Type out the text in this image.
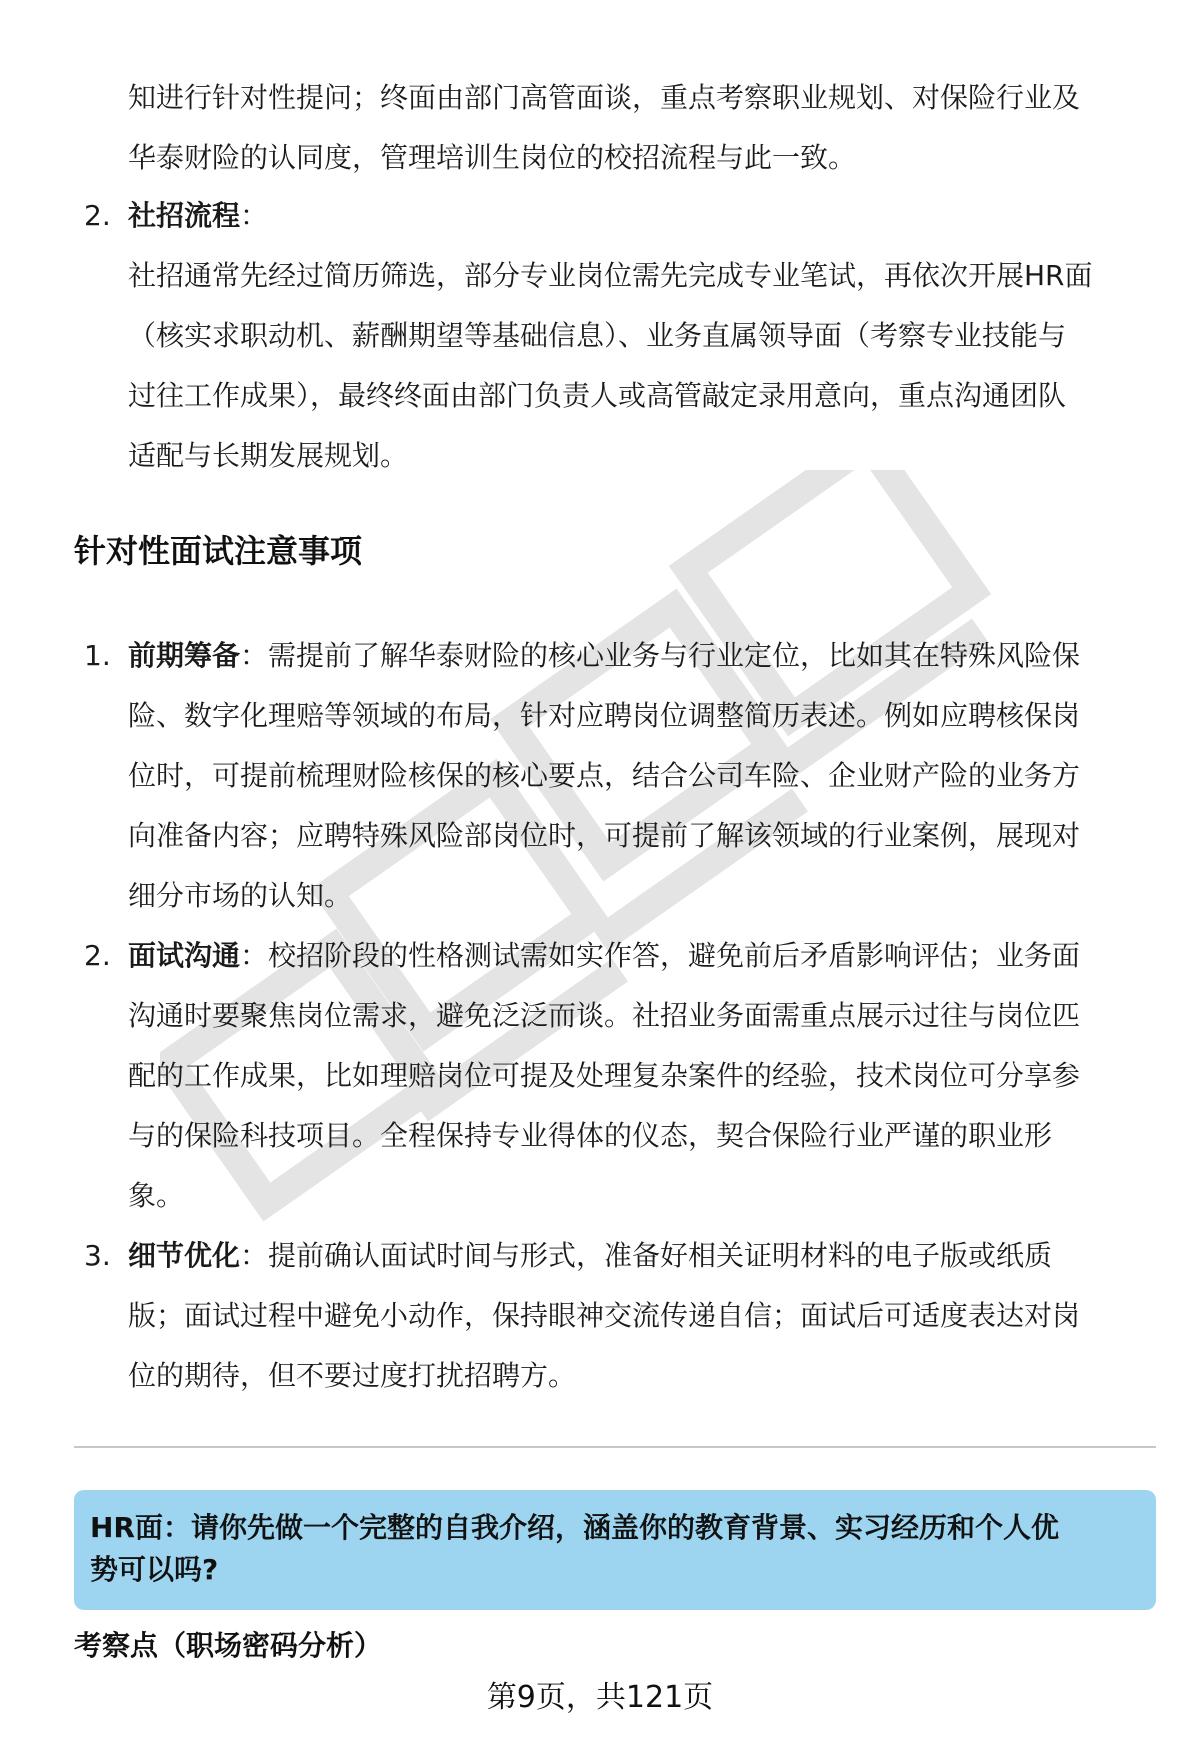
知进行针对性提问；终面由部门高管面谈，重点考察职业规划、对保险行业及
华泰财险的认同度，管理培训生岗位的校招流程与此一致。
2. 社招流程：
社招通常先经过简历筛选，部分专业岗位需先完成专业笔试，再依次开展HR面
（核实求职动机、薪酬期望等基础信息）、业务直属领导面（考察专业技能与
过往工作成果），最终终面由部门负责人或高管敲定录用意向，重点沟通团队
适配与长期发展规划。
针对性面试注意事项
1. 前期筹备：需提前了解华泰财险的核心业务与行业定位，比如其在特殊风险保
险、数字化理赔等领域的布局，针对应聘岗位调整简历表述。例如应聘核保岗
位时，可提前梳理财险核保的核心要点，结合公司车险、企业财产险的业务方
向准备内容；应聘特殊风险部岗位时，可提前了解该领域的行业案例，展现对
细分市场的认知。
2. 面试沟通：校招阶段的性格测试需如实作答，避免前后矛盾影响评估；业务面
沟通时要聚焦岗位需求，避免泛泛而谈。社招业务面需重点展示过往与岗位匹
配的工作成果，比如理赔岗位可提及处理复杂案件的经验，技术岗位可分享参
与的保险科技项目。全程保持专业得体的仪态，契合保险行业严谨的职业形
象。
3. 细节优化：提前确认面试时间与形式，准备好相关证明材料的电子版或纸质
版；面试过程中避免小动作，保持眼神交流传递自信；面试后可适度表达对岗
位的期待，但不要过度打扰招聘方。
HR面：请你先做一个完整的自我介绍，涵盖你的教育背景、实习经历和个人优
势可以吗?
考察点（职场密码分析）
第9页，共121页
